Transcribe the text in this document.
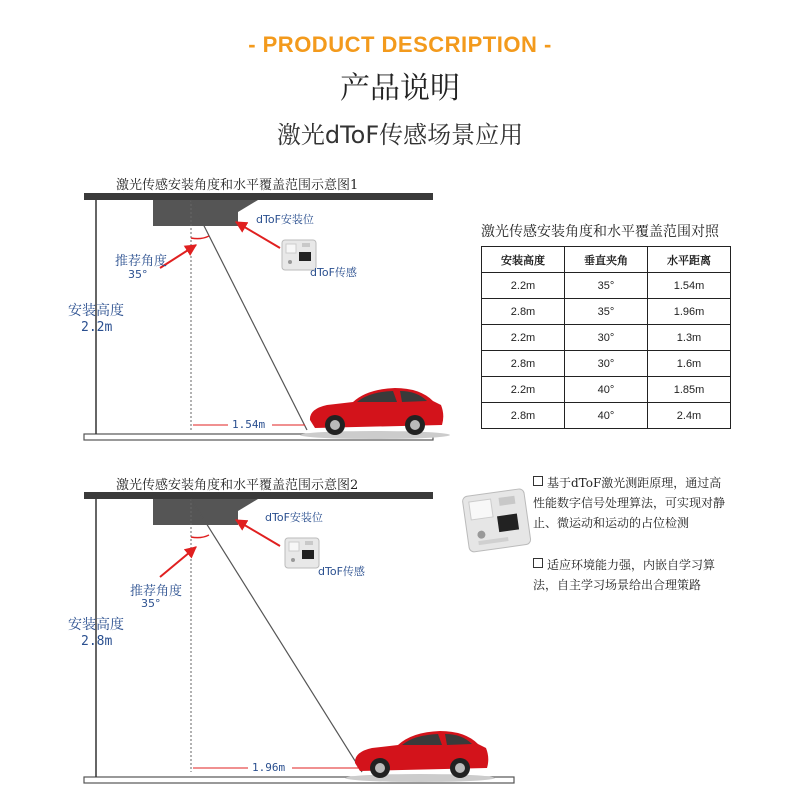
- PRODUCT DESCRIPTION -
产品说明
激光dToF传感场景应用
激光传感安装角度和水平覆盖范围示意图1
dToF安装位
dToF传感
推荐角度
35°
安装高度
2.2m
1.54m
激光传感安装角度和水平覆盖范围示意图2
dToF安装位
dToF传感
推荐角度
35°
安装高度
2.8m
1.96m
激光传感安装角度和水平覆盖范围对照
安装高度	垂直夹角	水平距离
2.2m	35°	1.54m
2.8m	35°	1.96m
2.2m	30°	1.3m
2.8m	30°	1.6m
2.2m	40°	1.85m
2.8m	40°	2.4m
基于dToF激光测距原理，通过高性能数字信号处理算法，可实现对静止、微运动和运动的占位检测
适应环境能力强，内嵌自学习算法，自主学习场景给出合理策路
